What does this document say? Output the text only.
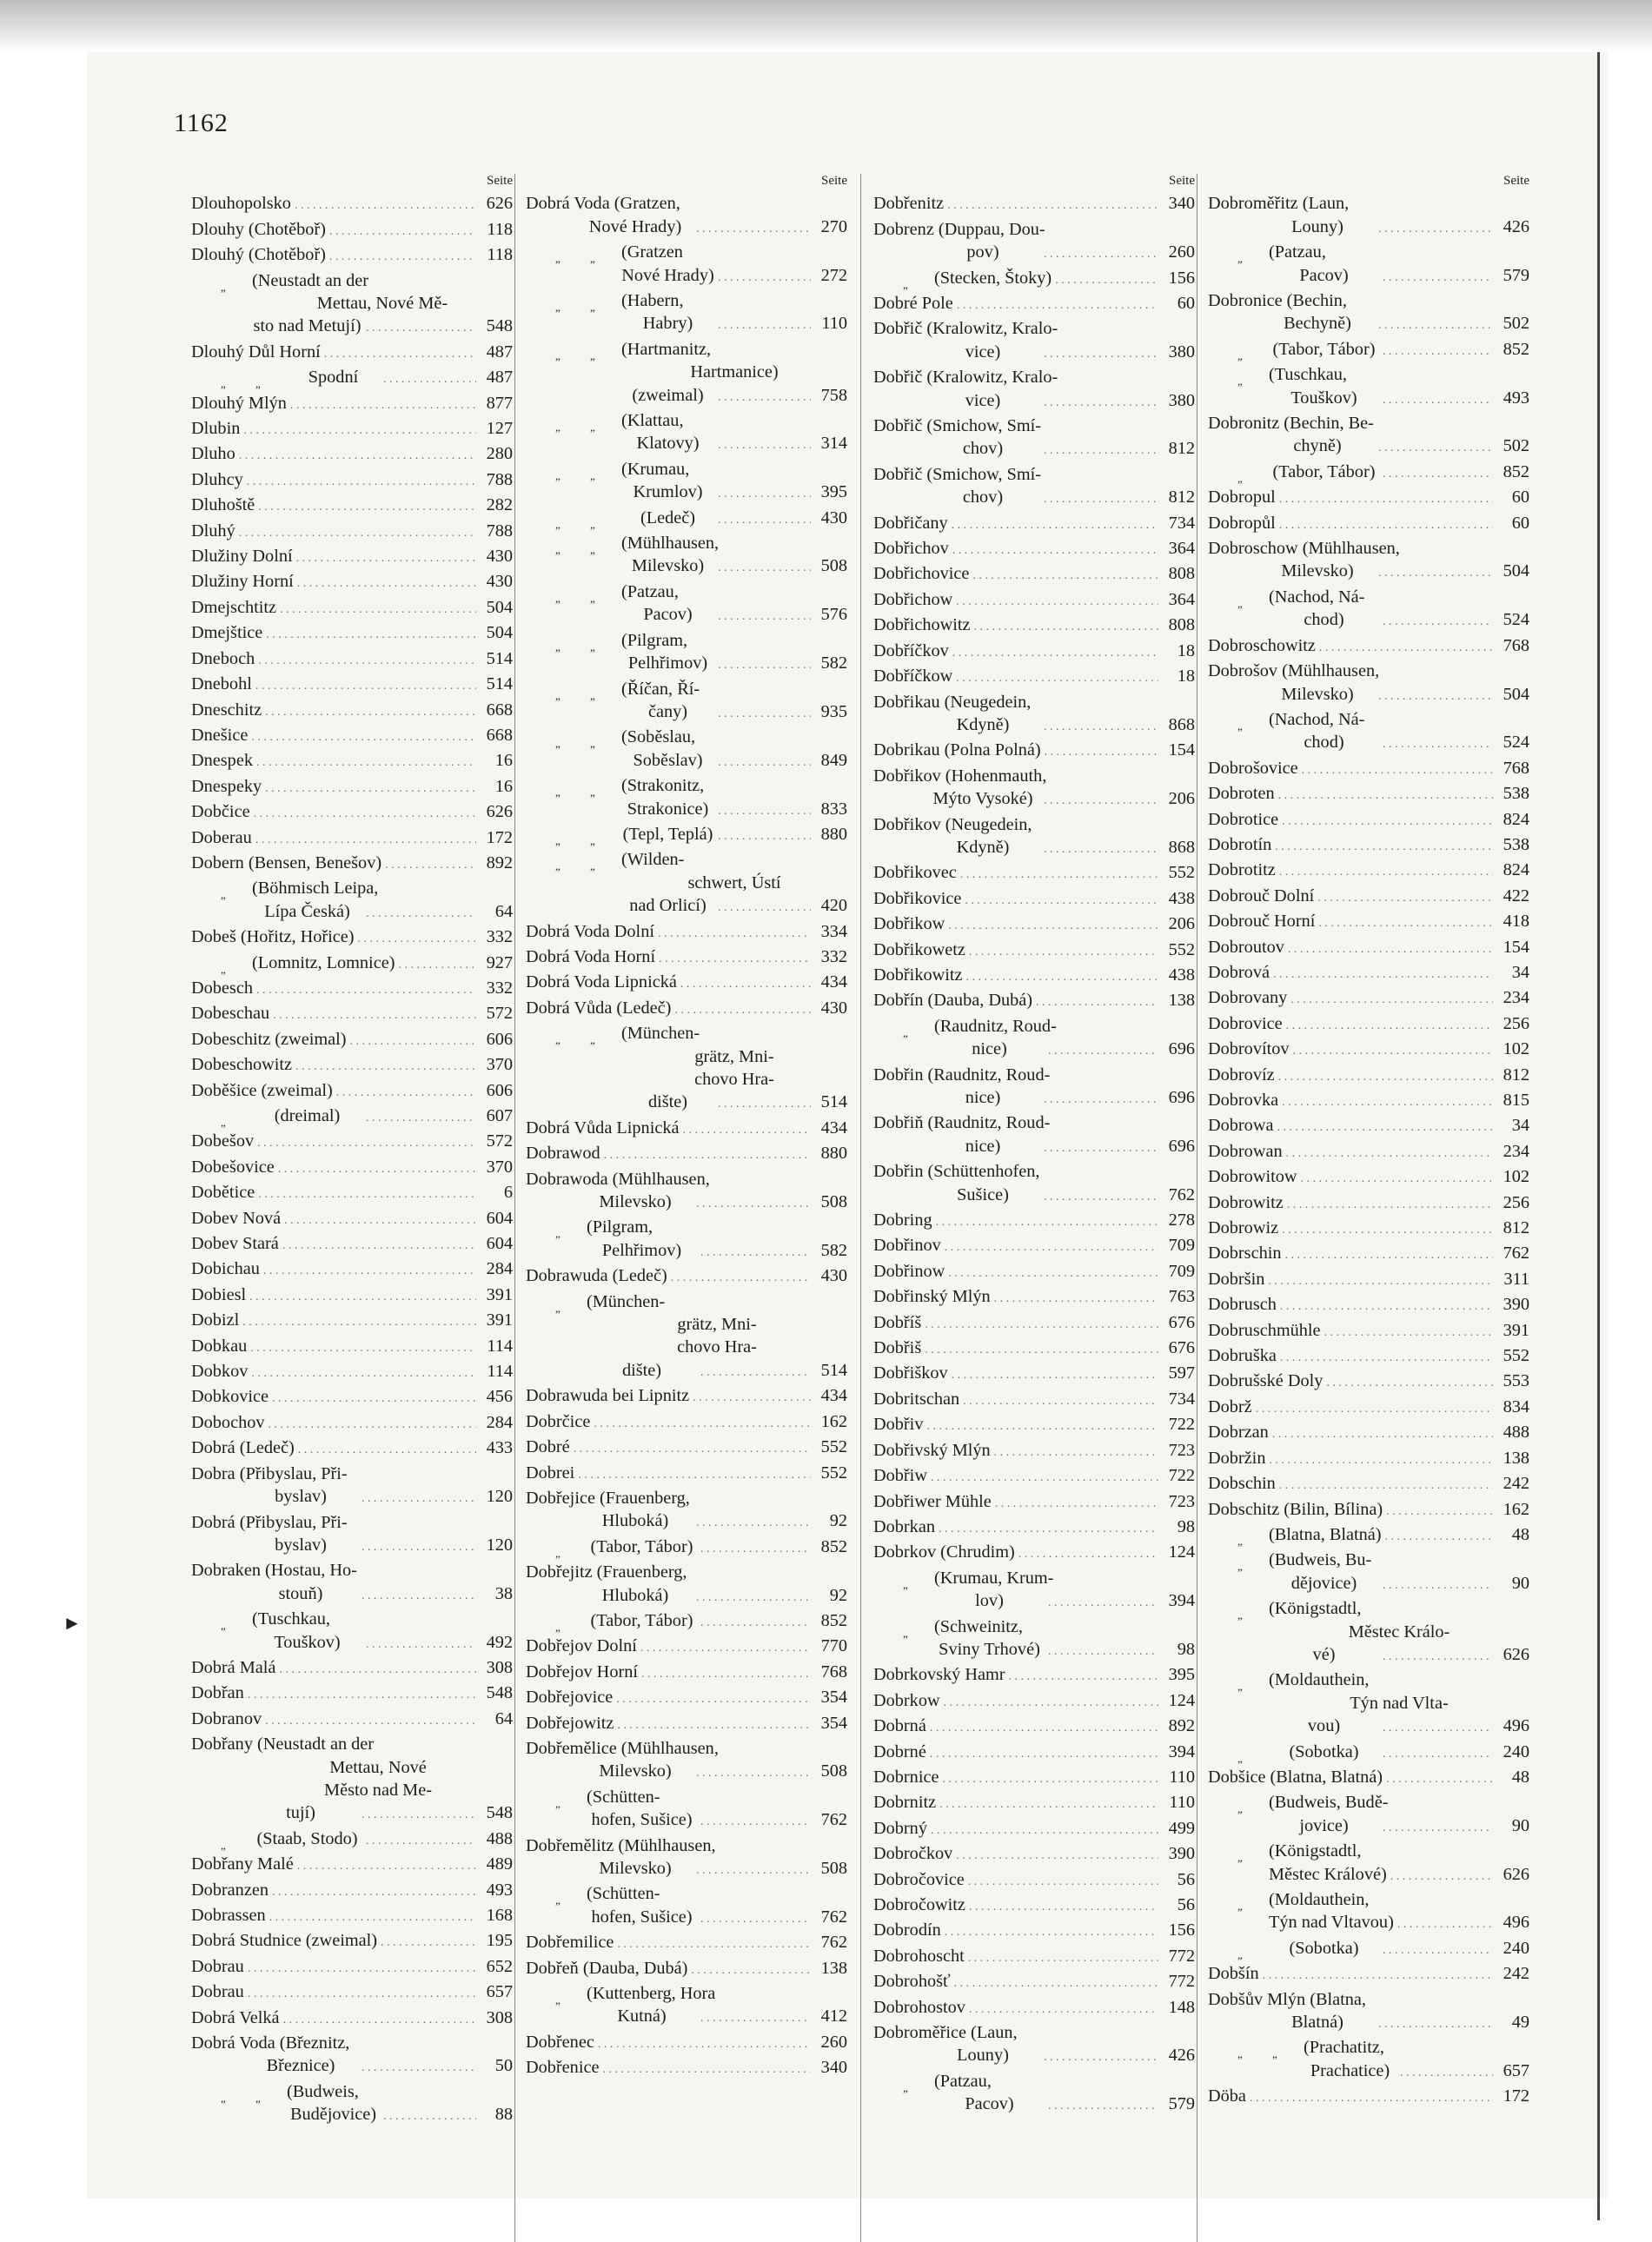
1162
Seite
Dlouhopolsko . . .	626
Dlouhy (Chotěboř) . . .	118
Dlouhý (Chotěboř) . . .	118
„ (Neustadt an der
Mettau, Nové Mě-
sto nad Metují) . . .	548
Dlouhý Důl Horní . . .	487
„	„	Spodní . . .	487
Dlouhý Mlýn . . .	877
Dlubin . . .	127
Dluho . . .	280
Dluhcy . . .	788
Dluhoště . . .	282
Dluhý . . .	788
Dlužiny Dolní . . .	430
Dlužiny Horní . . .	430
Dmejschtitz . . .	504
Dmejštice . . .	504
Dneboch . . .	514
Dnebohl . . .	514
Dneschitz . . .	668
Dnešice . . .	668
Dnespek . . .	16
Dnespeky . . .	16
Dobčice . . .	626
Doberau . . .	172
Dobern (Bensen, Benešov) . . .	892
„ (Böhmisch Leipa,
Lípa Česká) . . .	64
Dobeš (Hořitz, Hořice) . . .	332
„ (Lomnitz, Lomnice) . . .	927
Dobesch . . .	332
Dobeschau . . .	572
Dobeschitz (zweimal) . . .	606
Dobeschowitz . . .	370
Doběšice (zweimal) . . .	606
„	(dreimal) . . .	607
Dobešov . . .	572
Dobešovice . . .	370
Dobětice . . .	6
Dobev Nová . . .	604
Dobev Stará . . .	604
Dobichau . . .	284
Dobiesl . . .	391
Dobizl . . .	391
Dobkau . . .	114
Dobkov . . .	114
Dobkovice . . .	456
Dobochov . . .	284
Dobrá (Ledeč) . . .	433
Dobra (Přibyslau, Při-
byslav) . . .	120
Dobrá (Přibyslau, Při-
byslav) . . .	120
Dobraken (Hostau, Ho-
stouň) . . .	38
„ (Tuschkau,
Touškov) . . .	492
Dobrá Malá . . .	308
Dobřan . . .	548
Dobranov . . .	64
Dobřany (Neustadt an der
Mettau, Nové
Město nad Me-
tují) . . .	548
„ (Staab, Stodo) . . .	488
Dobřany Malé . . .	489
Dobranzen . . .	493
Dobrassen . . .	168
Dobrá Studnice (zweimal) . . .	195
Dobrau . . .	652
Dobrau . . .	657
Dobrá Velká . . .	308
Dobrá Voda (Březnitz,
Březnice) . . .	50
„	„ (Budweis,
Budějovice) . . .	88
Seite
Dobrá Voda (Gratzen,
Nové Hrady) . . .	270
„	„ (Gratzen
Nové Hrady) . . .	272
„	„ (Habern,
Habry) . . .	110
„	„ (Hartmanitz,
Hartmanice)
(zweimal) . . .	758
„	„ (Klattau,
Klatovy) . . .	314
„	„ (Krumau,
Krumlov) . . .	395
„	„	(Ledeč) . . .	430
„	„ (Mühlhausen,
Milevsko) . . .	508
„	„ (Patzau,
Pacov) . . .	576
„	„ (Pilgram,
Pelhřimov) . . .	582
„	„ (Říčan, Ří-
čany) . . .	935
„	„ (Soběslau,
Soběslav) . . .	849
„	„ (Strakonitz,
Strakonice) . . .	833
„	„ (Tepl, Teplá) . . .	880
„	„ (Wilden-
schwert, Ústí
nad Orlicí) . . .	420
Dobrá Voda Dolní . . .	334
Dobrá Voda Horní . . .	332
Dobrá Voda Lipnická . . .	434
Dobrá Vůda (Ledeč) . . .	430
„	„ (München-
grätz, Mni-
chovo Hra-
dište) . . .	514
Dobrá Vůda Lipnická . . .	434
Dobrawod . . .	880
Dobrawoda (Mühlhausen,
Milevsko) . . .	508
„ (Pilgram,
Pelhřimov) . . .	582
Dobrawuda (Ledeč) . . .	430
„ (München-
grätz, Mni-
chovo Hra-
dište) . . .	514
Dobrawuda bei Lipnitz . . .	434
Dobrčice . . .	162
Dobré . . .	552
Dobrei . . .	552
Dobřejice (Frauenberg,
Hluboká) . . .	92
„ (Tabor, Tábor) . . .	852
Dobřejitz (Frauenberg,
Hluboká) . . .	92
„ (Tabor, Tábor) . . .	852
Dobřejov Dolní . . .	770
Dobřejov Horní . . .	768
Dobřejovice . . .	354
Dobřejowitz . . .	354
Dobřemělice (Mühlhausen,
Milevsko) . . .	508
„ (Schütten-
hofen, Sušice) . . .	762
Dobřemělitz (Mühlhausen,
Milevsko) . . .	508
„ (Schütten-
hofen, Sušice) . . .	762
Dobřemilice . . .	762
Dobřeň (Dauba, Dubá) . . .	138
„ (Kuttenberg, Hora
Kutná) . . .	412
Dobřenec . . .	260
Dobřenice . . .	340
Seite
Dobřenitz . . .	340
Dobrenz (Duppau, Dou-
pov) . . .	260
„ (Stecken, Štoky) . . .	156
Dobré Pole . . .	60
Dobřič (Kralowitz, Kralo-
vice) . . .	380
Dobřič (Kralowitz, Kralo-
vice) . . .	380
Dobřič (Smichow, Smí-
chov) . . .	812
Dobřič (Smichow, Smí-
chov) . . .	812
Dobřičany . . .	734
Dobřichov . . .	364
Dobřichovice . . .	808
Dobřichow . . .	364
Dobřichowitz . . .	808
Dobříčkov . . .	18
Dobříčkow . . .	18
Dobřikau (Neugedein,
Kdyně) . . .	868
Dobrikau (Polna Polná) . . .	154
Dobřikov (Hohenmauth,
Mýto Vysoké) . . .	206
Dobřikov (Neugedein,
Kdyně) . . .	868
Dobřikovec . . .	552
Dobřikovice . . .	438
Dobřikow . . .	206
Dobřikowetz . . .	552
Dobřikowitz . . .	438
Dobřín (Dauba, Dubá) . . .	138
„ (Raudnitz, Roud-
nice) . . .	696
Dobřin (Raudnitz, Roud-
nice) . . .	696
Dobřiň (Raudnitz, Roud-
nice) . . .	696
Dobřin (Schüttenhofen,
Sušice) . . .	762
Dobring . . .	278
Dobřinov . . .	709
Dobřinow . . .	709
Dobřinský Mlýn . . .	763
Dobříš . . .	676
Dobřiš . . .	676
Dobřiškov . . .	597
Dobritschan . . .	734
Dobřiv . . .	722
Dobřivský Mlýn . . .	723
Dobřiw . . .	722
Dobřiwer Mühle . . .	723
Dobrkan . . .	98
Dobrkov (Chrudim) . . .	124
„ (Krumau, Krum-
lov) . . .	394
„ (Schweinitz,
Sviny Trhové) . . .	98
Dobrkovský Hamr . . .	395
Dobrkow . . .	124
Dobrná . . .	892
Dobrné . . .	394
Dobrnice . . .	110
Dobrnitz . . .	110
Dobrný . . .	499
Dobročkov . . .	390
Dobročovice . . .	56
Dobročowitz . . .	56
Dobrodín . . .	156
Dobrohoscht . . .	772
Dobrohošť . . .	772
Dobrohostov . . .	148
Dobroměřice (Laun,
Louny) . . .	426
„ (Patzau,
Pacov) . . .	579
Seite
Dobroměřitz (Laun,
Louny) . . .	426
„ (Patzau,
Pacov) . . .	579
Dobronice (Bechin,
Bechyně) . . .	502
„ (Tabor, Tábor) . . .	852
„ (Tuschkau,
Touškov) . . .	493
Dobronitz (Bechin, Be-
chyně) . . .	502
„ (Tabor, Tábor) . . .	852
Dobropul . . .	60
Dobropůl . . .	60
Dobroschow (Mühlhausen,
Milevsko) . . .	504
„ (Nachod, Ná-
chod) . . .	524
Dobroschowitz . . .	768
Dobrošov (Mühlhausen,
Milevsko) . . .	504
„ (Nachod, Ná-
chod) . . .	524
Dobrošovice . . .	768
Dobroten . . .	538
Dobrotice . . .	824
Dobrotín . . .	538
Dobrotitz . . .	824
Dobrouč Dolní . . .	422
Dobrouč Horní . . .	418
Dobroutov . . .	154
Dobrová . . .	34
Dobrovany . . .	234
Dobrovice . . .	256
Dobrovítov . . .	102
Dobrovíz . . .	812
Dobrovka . . .	815
Dobrowa . . .	34
Dobrowan . . .	234
Dobrowitow . . .	102
Dobrowitz . . .	256
Dobrowiz . . .	812
Dobrschin . . .	762
Dobršin . . .	311
Dobrusch . . .	390
Dobruschmühle . . .	391
Dobruška . . .	552
Dobrušské Doly . . .	553
Dobrž . . .	834
Dobrzan . . .	488
Dobržin . . .	138
Dobschin . . .	242
Dobschitz (Bilin, Bílina) . . .	162
„ (Blatna, Blatná) . . .	48
„ (Budweis, Bu-
dějovice) . . .	90
„ (Königstadtl,
Městec Králo-
vé) . . .	626
„ (Moldauthein,
Týn nad Vlta-
vou) . . .	496
„	(Sobotka) . . .	240
Dobšice (Blatna, Blatná) . . .	48
„ (Budweis, Budě-
jovice) . . .	90
„ (Königstadtl,
Městec Králové) . . .	626
„ (Moldauthein,
Týn nad Vltavou) . . .	496
„	(Sobotka) . . .	240
Dobšín . . .	242
Dobšův Mlýn (Blatna,
Blatná) . . .	49
„	„ (Prachatitz,
Prachatice) . . .	657
Döba . . .	172
►
